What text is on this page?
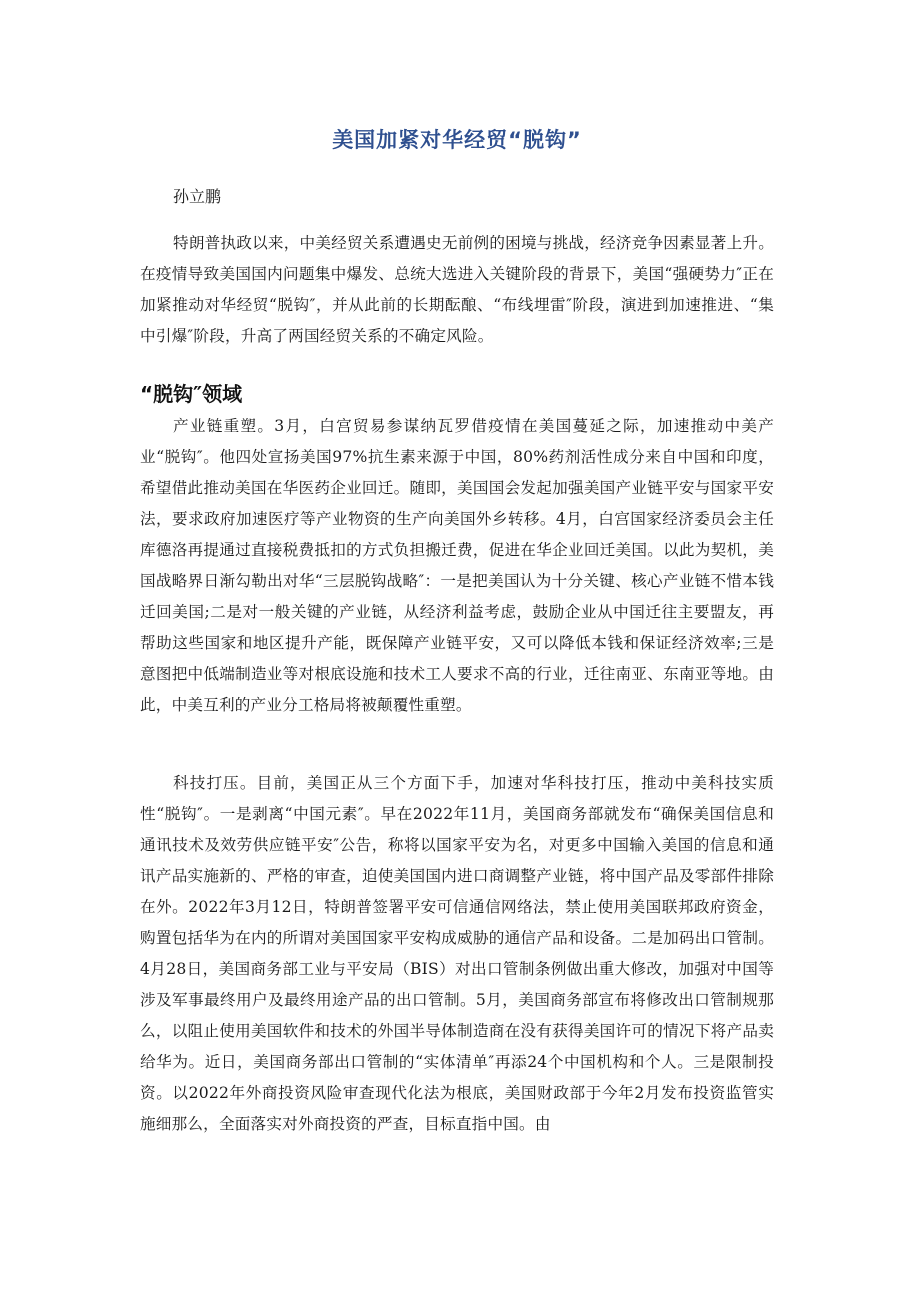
美国加紧对华经贸“脱钩”

孙立鹏

特朗普执政以来，中美经贸关系遭遇史无前例的困境与挑战，经济竞争因素显著上升。在疫情导致美国国内问题集中爆发、总统大选进入关键阶段的背景下，美国“强硬势力″正在加紧推动对华经贸“脱钩″，并从此前的长期酝酿、“布线埋雷″阶段，演进到加速推进、“集中引爆″阶段，升高了两国经贸关系的不确定风险。

“脱钩″领域

产业链重塑。3月，白宫贸易参谋纳瓦罗借疫情在美国蔓延之际，加速推动中美产业“脱钩″。他四处宣扬美国97%抗生素来源于中国，80%药剂活性成分来自中国和印度，希望借此推动美国在华医药企业回迁。随即，美国国会发起加强美国产业链平安与国家平安法，要求政府加速医疗等产业物资的生产向美国外乡转移。4月，白宫国家经济委员会主任库德洛再提通过直接税费抵扣的方式负担搬迁费，促进在华企业回迁美国。以此为契机，美国战略界日渐勾勒出对华“三层脱钩战略″：一是把美国认为十分关键、核心产业链不惜本钱迁回美国;二是对一般关键的产业链，从经济利益考虑，鼓励企业从中国迁往主要盟友，再帮助这些国家和地区提升产能，既保障产业链平安，又可以降低本钱和保证经济效率;三是意图把中低端制造业等对根底设施和技术工人要求不高的行业，迁往南亚、东南亚等地。由此，中美互利的产业分工格局将被颠覆性重塑。

科技打压。目前，美国正从三个方面下手，加速对华科技打压，推动中美科技实质性“脱钩″。一是剥离“中国元素″。早在2022年11月，美国商务部就发布“确保美国信息和通讯技术及效劳供应链平安″公告，称将以国家平安为名，对更多中国输入美国的信息和通讯产品实施新的、严格的审查，迫使美国国内进口商调整产业链，将中国产品及零部件排除在外。2022年3月12日，特朗普签署平安可信通信网络法，禁止使用美国联邦政府资金，购置包括华为在内的所谓对美国国家平安构成威胁的通信产品和设备。二是加码出口管制。4月28日，美国商务部工业与平安局（BIS）对出口管制条例做出重大修改，加强对中国等涉及军事最终用户及最终用途产品的出口管制。5月，美国商务部宣布将修改出口管制规那么，以阻止使用美国软件和技术的外国半导体制造商在没有获得美国许可的情况下将产品卖给华为。近日，美国商务部出口管制的“实体清单″再添24个中国机构和个人。三是限制投资。以2022年外商投资风险审查现代化法为根底，美国财政部于今年2月发布投资监管实施细那么，全面落实对外商投资的严查，目标直指中国。由
